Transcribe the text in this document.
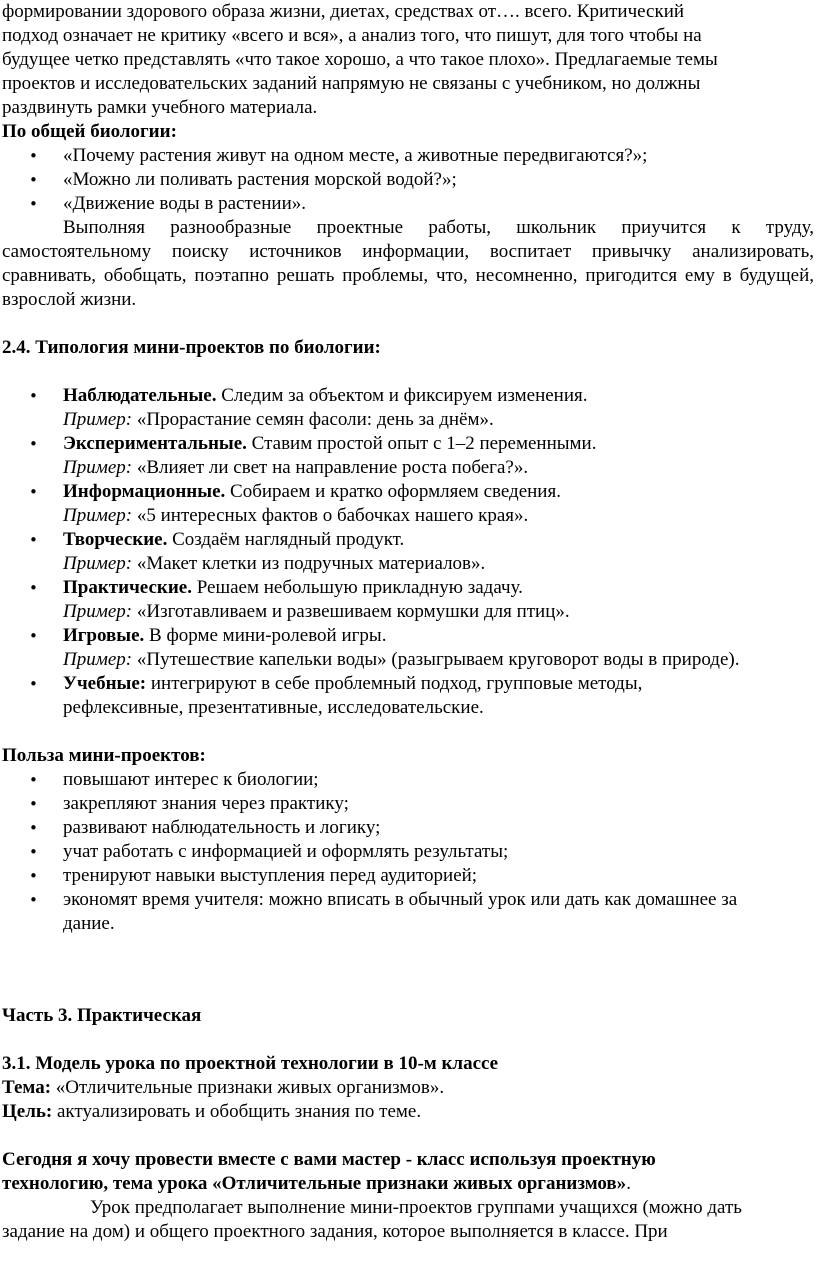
формировании здорового образа жизни, диетах, средствах от…. всего. Критический

подход означает не критику «всего и вся», а анализ того, что пишут, для того чтобы на

будущее четко представлять «что такое хорошо, а что такое плохо». Предлагаемые темы

проектов и исследовательских заданий напрямую не связаны с учебником, но должны

раздвинуть рамки учебного материала.

По общей биологии:

• «Почему растения живут на одном месте, а животные передвигаются?»;
• «Можно ли поливать растения морской водой?»;
• «Движение воды в растении».

Выполняя разнообразные проектные работы, школьник приучится к труду, самостоятельному поиску источников информации, воспитает привычку анализировать, сравнивать, обобщать, поэтапно решать проблемы, что, несомненно, пригодится ему в будущей, взрослой жизни.

2.4. Типология мини-проектов по биологии:

• Наблюдательные. Следим за объектом и фиксируем изменения.
Пример: «Прорастание семян фасоли: день за днём».
• Экспериментальные. Ставим простой опыт с 1–2 переменными.
Пример: «Влияет ли свет на направление роста побега?».
• Информационные. Собираем и кратко оформляем сведения.
Пример: «5 интересных фактов о бабочках нашего края».
• Творческие. Создаём наглядный продукт.
Пример: «Макет клетки из подручных материалов».
• Практические. Решаем небольшую прикладную задачу.
Пример: «Изготавливаем и развешиваем кормушки для птиц».
• Игровые. В форме мини-ролевой игры.
Пример: «Путешествие капельки воды» (разыгрываем круговорот воды в природе).
• Учебные: интегрируют в себе проблемный подход, групповые методы,
рефлексивные, презентативные, исследовательские.

Польза мини-проектов:

• повышают интерес к биологии;
• закрепляют знания через практику;
• развивают наблюдательность и логику;
• учат работать с информацией и оформлять результаты;
• тренируют навыки выступления перед аудиторией;
• экономят время учителя: можно вписать в обычный урок или дать как домашнее за
дание.

Часть 3. Практическая

3.1. Модель урока по проектной технологии в 10-м классе

Тема: «Отличительные признаки живых организмов».

Цель: актуализировать и обобщить знания по теме.

Сегодня я хочу провести вместе с вами мастер - класс используя проектную

технологию, тема урока «Отличительные признаки живых организмов».

Урок предполагает выполнение мини-проектов группами учащихся (можно дать

задание на дом) и общего проектного задания, которое выполняется в классе. При
